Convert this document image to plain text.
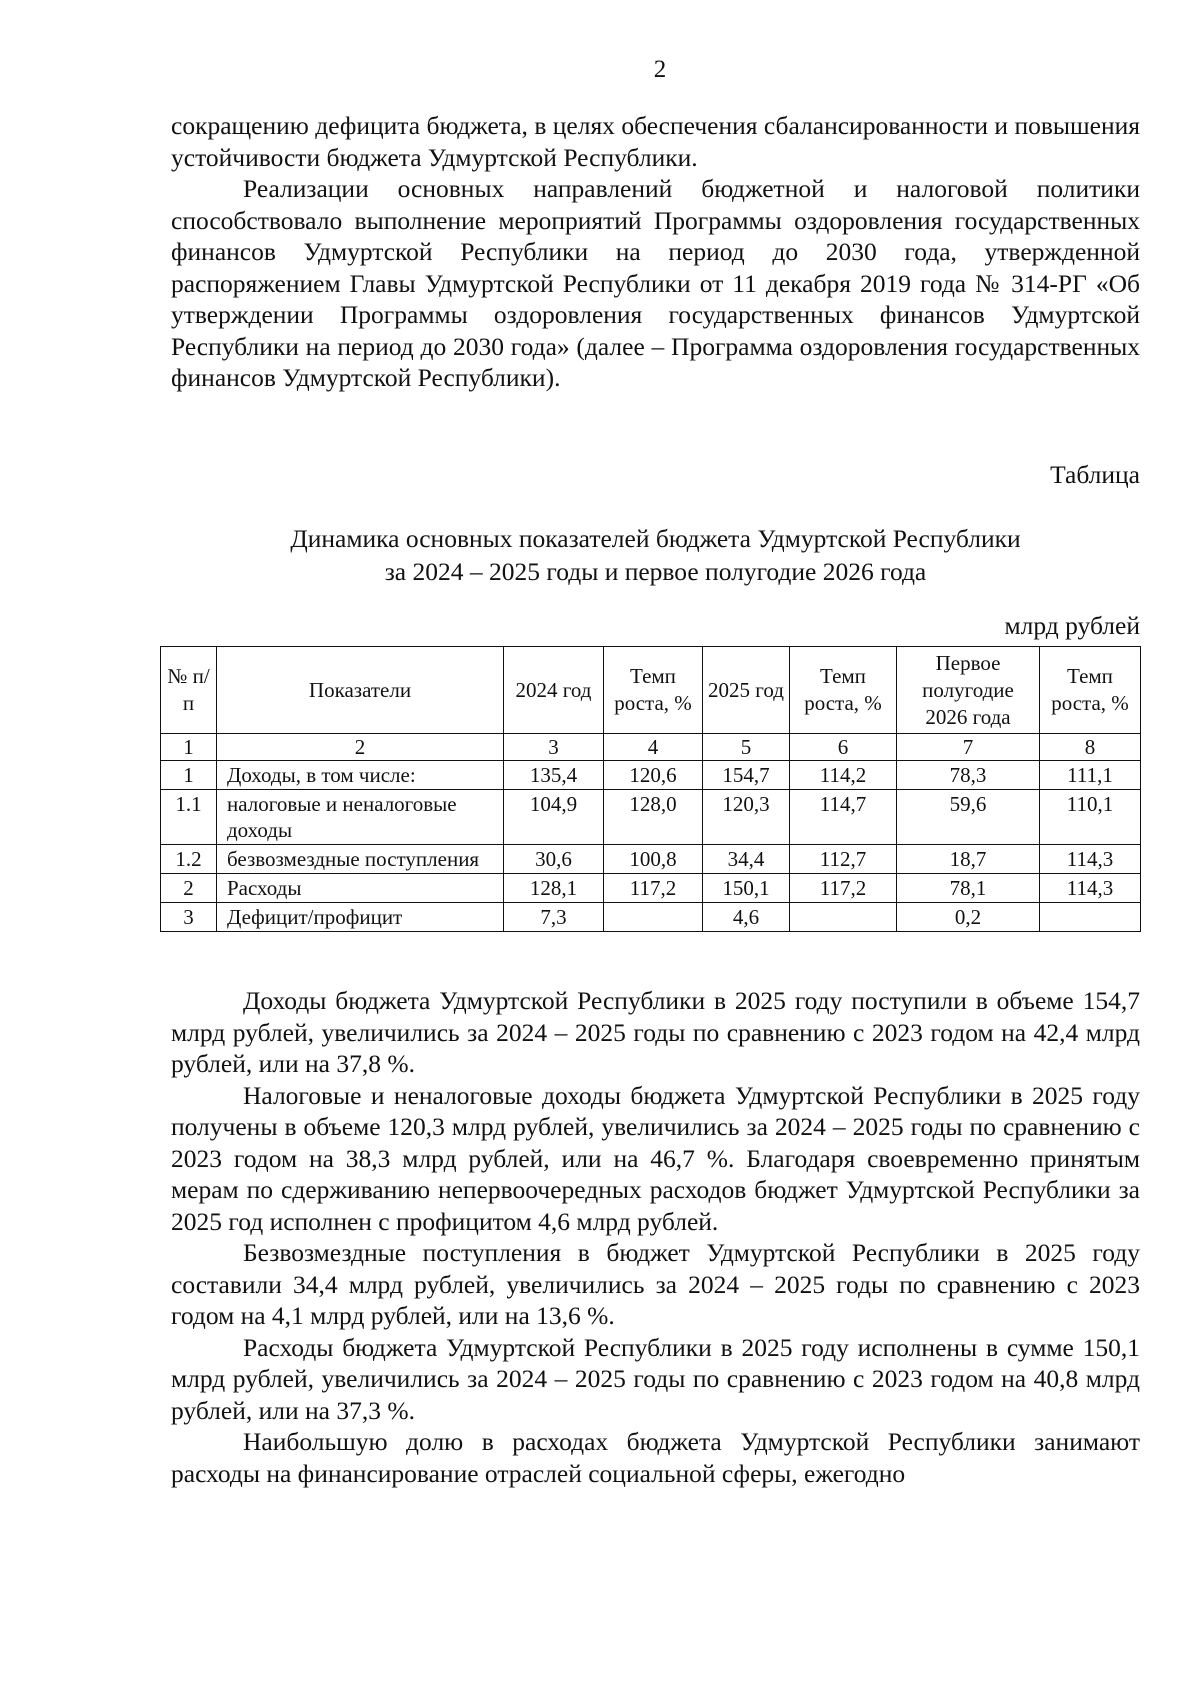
2

сокращению дефицита бюджета, в целях обеспечения сбалансированности и повышения устойчивости бюджета Удмуртской Республики.

Реализации основных направлений бюджетной и налоговой политики способствовало выполнение мероприятий Программы оздоровления государственных финансов Удмуртской Республики на период до 2030 года, утвержденной распоряжением Главы Удмуртской Республики от 11 декабря 2019 года № 314-РГ «Об утверждении Программы оздоровления государственных финансов Удмуртской Республики на период до 2030 года» (далее – Программа оздоровления государственных финансов Удмуртской Республики).

Таблица
Динамика основных показателей бюджета Удмуртской Республики
за 2024 – 2025 годы и первое полугодие 2026 года
млрд рублей
№ п/п	Показатели	2024 год	Темп роста, %	2025 год	Темп роста, %	Первое полугодие 2026 года	Темп роста, %
1	2	3	4	5	6	7	8
1	Доходы, в том числе:	135,4	120,6	154,7	114,2	78,3	111,1
1.1	налоговые и неналоговые доходы	104,9	128,0	120,3	114,7	59,6	110,1
1.2	безвозмездные поступления	30,6	100,8	34,4	112,7	18,7	114,3
2	Расходы	128,1	117,2	150,1	117,2	78,1	114,3
3	Дефицит/профицит	7,3		4,6		0,2	

Доходы бюджета Удмуртской Республики в 2025 году поступили в объеме 154,7 млрд рублей, увеличились за 2024 – 2025 годы по сравнению с 2023 годом на 42,4 млрд рублей, или на 37,8 %.

Налоговые и неналоговые доходы бюджета Удмуртской Республики в 2025 году получены в объеме 120,3 млрд рублей, увеличились за 2024 – 2025 годы по сравнению с 2023 годом на 38,3 млрд рублей, или на 46,7 %. Благодаря своевременно принятым мерам по сдерживанию непервоочередных расходов бюджет Удмуртской Республики за 2025 год исполнен с профицитом 4,6 млрд рублей.

Безвозмездные поступления в бюджет Удмуртской Республики в 2025 году составили 34,4 млрд рублей, увеличились за 2024 – 2025 годы по сравнению с 2023 годом на 4,1 млрд рублей, или на 13,6 %.

Расходы бюджета Удмуртской Республики в 2025 году исполнены в сумме 150,1 млрд рублей, увеличились за 2024 – 2025 годы по сравнению с 2023 годом на 40,8 млрд рублей, или на 37,3 %.

Наибольшую долю в расходах бюджета Удмуртской Республики занимают расходы на финансирование отраслей социальной сферы, ежегодно
